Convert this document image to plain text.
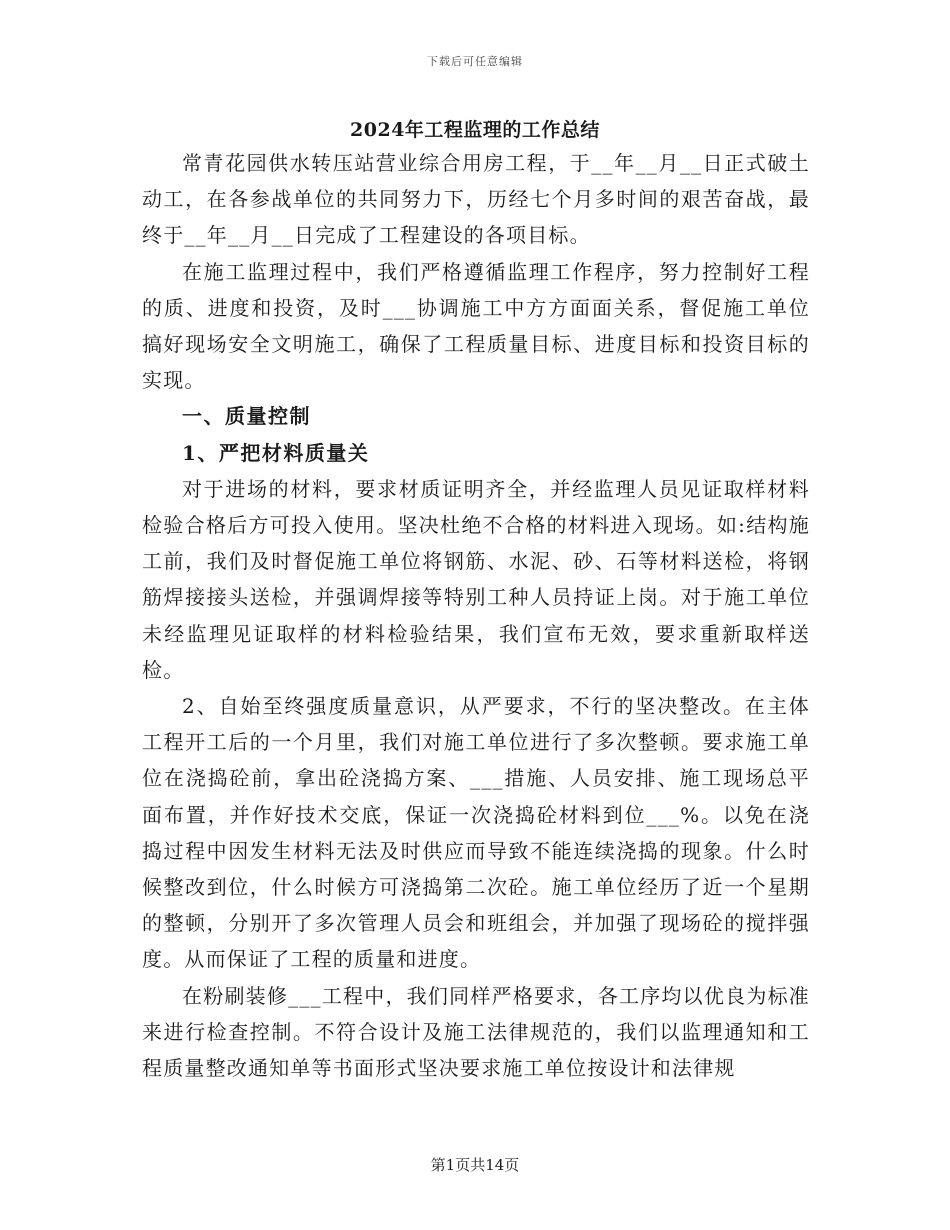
下载后可任意编辑
2024年工程监理的工作总结

常青花园供水转压站营业综合用房工程，于__年__月__日正式破土动工，在各参战单位的共同努力下，历经七个月多时间的艰苦奋战，最终于__年__月__日完成了工程建设的各项目标。

在施工监理过程中，我们严格遵循监理工作程序，努力控制好工程的质、进度和投资，及时___协调施工中方方面面关系，督促施工单位搞好现场安全文明施工，确保了工程质量目标、进度目标和投资目标的实现。

一、质量控制

1、严把材料质量关

对于进场的材料，要求材质证明齐全，并经监理人员见证取样材料检验合格后方可投入使用。坚决杜绝不合格的材料进入现场。如:结构施工前，我们及时督促施工单位将钢筋、水泥、砂、石等材料送检，将钢筋焊接接头送检，并强调焊接等特别工种人员持证上岗。对于施工单位未经监理见证取样的材料检验结果，我们宣布无效，要求重新取样送检。

2、自始至终强度质量意识，从严要求，不行的坚决整改。在主体工程开工后的一个月里，我们对施工单位进行了多次整顿。要求施工单位在浇捣砼前，拿出砼浇捣方案、___措施、人员安排、施工现场总平面布置，并作好技术交底，保证一次浇捣砼材料到位___%。以免在浇捣过程中因发生材料无法及时供应而导致不能连续浇捣的现象。什么时候整改到位，什么时候方可浇捣第二次砼。施工单位经历了近一个星期的整顿，分别开了多次管理人员会和班组会，并加强了现场砼的搅拌强度。从而保证了工程的质量和进度。

在粉刷装修___工程中，我们同样严格要求，各工序均以优良为标准来进行检查控制。不符合设计及施工法律规范的，我们以监理通知和工程质量整改通知单等书面形式坚决要求施工单位按设计和法律规

第1页共14页
